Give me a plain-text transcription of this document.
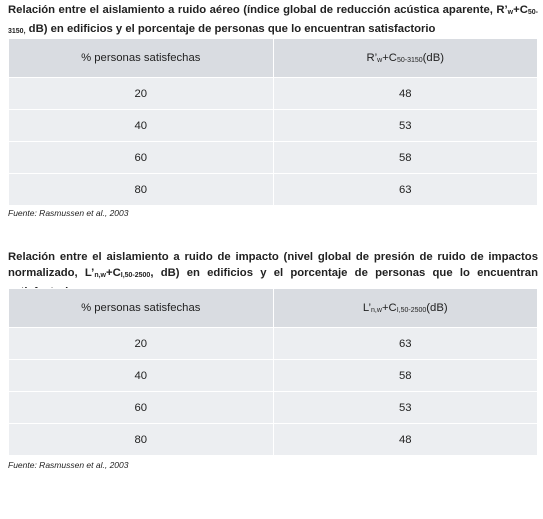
Relación entre el aislamiento a ruido aéreo (índice global de reducción acústica aparente, $R’_w+C_{50-3150,}$ dB) en edificios y el porcentaje de personas que lo encuentran satisfactorio

% personas satisfechas	$R’_w+C_{50-3150}(dB)$
20	48
40	53
60	58
80	63

Fuente: Rasmussen et al., 2003

Relación entre el aislamiento a ruido de impacto (nivel global de presión de ruido de impactos normalizado, $L’_{n,w}+C_{I,50-2500}$, dB) en edificios y el porcentaje de personas que lo encuentran

% personas satisfechas	$L’_{n,w}+C_{I,50-2500}(dB)$
20	63
40	58
60	53
80	48

Fuente: Rasmussen et al., 2003
